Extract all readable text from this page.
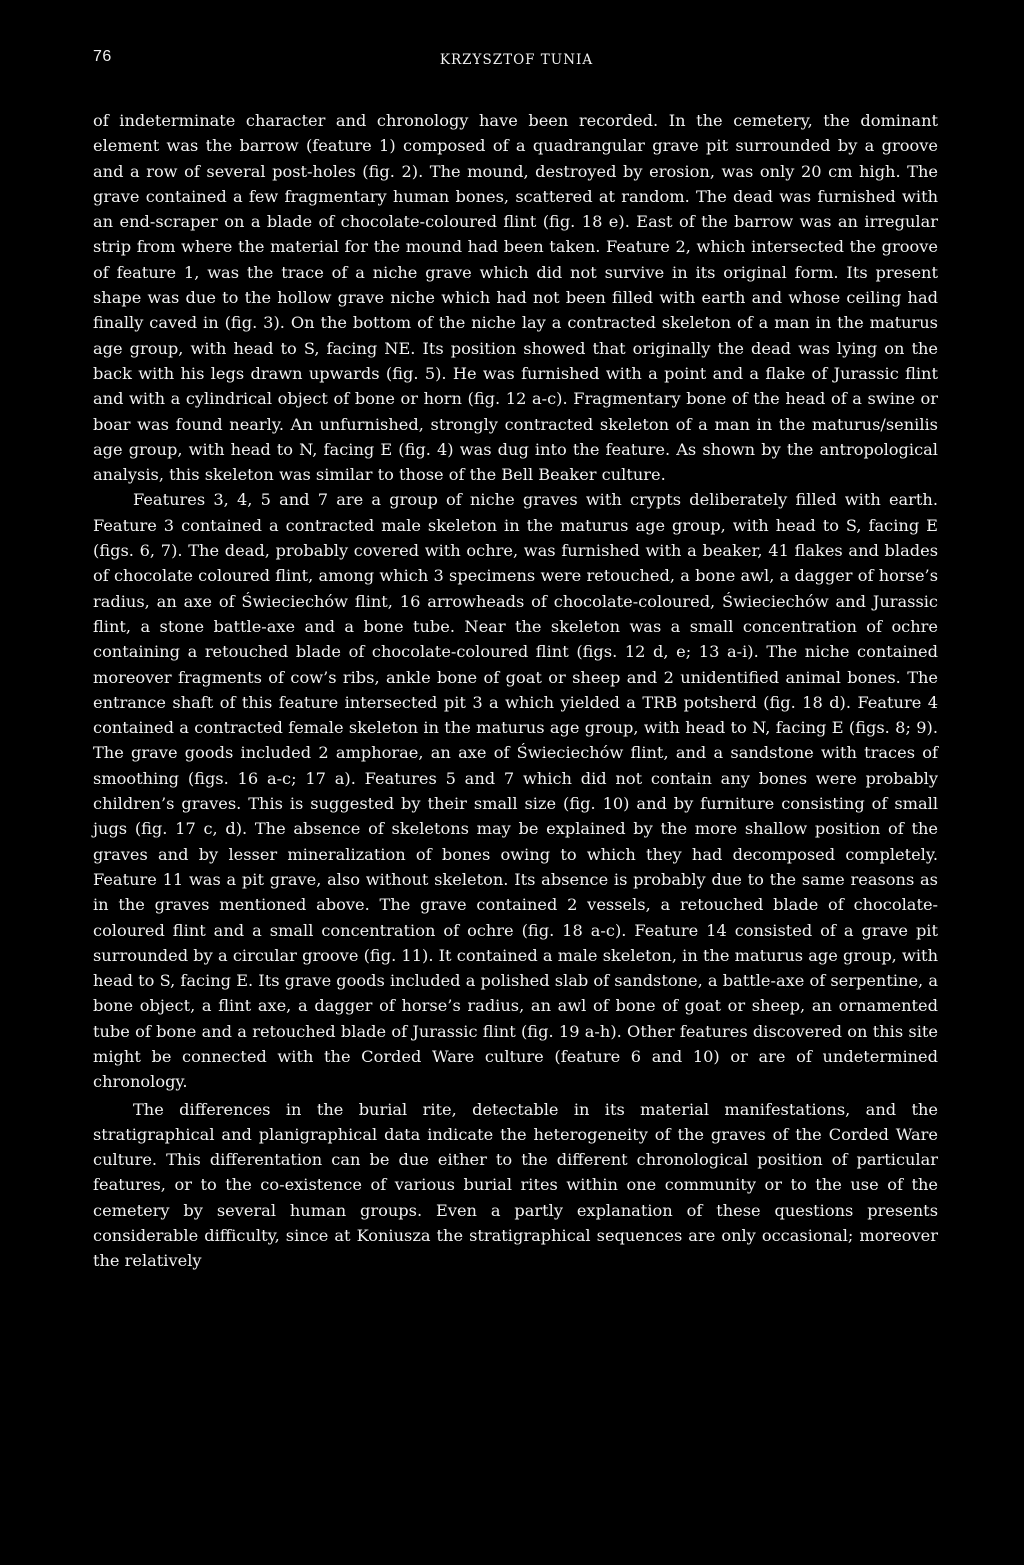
76	KRZYSZTOF TUNIA

of indeterminate character and chronology have been recorded. In the cemetery, the dominant element was the barrow (feature 1) composed of a quadrangular grave pit surrounded by a groove and a row of several post-holes (fig. 2). The mound, destroyed by erosion, was only 20 cm high. The grave contained a few fragmentary human bones, scattered at random. The dead was furnished with an end-scraper on a blade of chocolate-coloured flint (fig. 18 e). East of the barrow was an irregular strip from where the material for the mound had been taken. Feature 2, which intersected the groove of feature 1, was the trace of a niche grave which did not survive in its original form. Its present shape was due to the hollow grave niche which had not been filled with earth and whose ceiling had finally caved in (fig. 3). On the bottom of the niche lay a contracted skeleton of a man in the maturus age group, with head to S, facing NE. Its position showed that originally the dead was lying on the back with his legs drawn upwards (fig. 5). He was furnished with a point and a flake of Jurassic flint and with a cylindrical object of bone or horn (fig. 12 a-c). Fragmentary bone of the head of a swine or boar was found nearly. An unfurnished, strongly contracted skeleton of a man in the maturus/senilis age group, with head to N, facing E (fig. 4) was dug into the feature. As shown by the antropological analysis, this skeleton was similar to those of the Bell Beaker culture.

Features 3, 4, 5 and 7 are a group of niche graves with crypts deliberately filled with earth. Feature 3 contained a contracted male skeleton in the maturus age group, with head to S, facing E (figs. 6, 7). The dead, probably covered with ochre, was furnished with a beaker, 41 flakes and blades of chocolate coloured flint, among which 3 specimens were retouched, a bone awl, a dagger of horse’s radius, an axe of Świeciechów flint, 16 arrowheads of chocolate-coloured, Świeciechów and Jurassic flint, a stone battle-axe and a bone tube. Near the skeleton was a small concentration of ochre containing a retouched blade of chocolate-coloured flint (figs. 12 d, e; 13 a-i). The niche contained moreover fragments of cow’s ribs, ankle bone of goat or sheep and 2 unidentified animal bones. The entrance shaft of this feature intersected pit 3 a which yielded a TRB potsherd (fig. 18 d). Feature 4 contained a contracted female skeleton in the maturus age group, with head to N, facing E (figs. 8; 9). The grave goods included 2 amphorae, an axe of Świeciechów flint, and a sandstone with traces of smoothing (figs. 16 a-c; 17 a). Features 5 and 7 which did not contain any bones were probably children’s graves. This is suggested by their small size (fig. 10) and by furniture consisting of small jugs (fig. 17 c, d). The absence of skeletons may be explained by the more shallow position of the graves and by lesser mineralization of bones owing to which they had decomposed completely. Feature 11 was a pit grave, also without skeleton. Its absence is probably due to the same reasons as in the graves mentioned above. The grave contained 2 vessels, a retouched blade of chocolate-coloured flint and a small concentration of ochre (fig. 18 a-c). Feature 14 consisted of a grave pit surrounded by a circular groove (fig. 11). It contained a male skeleton, in the maturus age group, with head to S, facing E. Its grave goods included a polished slab of sandstone, a battle-axe of serpentine, a bone object, a flint axe, a dagger of horse’s radius, an awl of bone of goat or sheep, an ornamented tube of bone and a retouched blade of Jurassic flint (fig. 19 a-h). Other features discovered on this site might be connected with the Corded Ware culture (feature 6 and 10) or are of undetermined chronology.

The differences in the burial rite, detectable in its material manifestations, and the stratigraphical and planigraphical data indicate the heterogeneity of the graves of the Corded Ware culture. This differentation can be due either to the different chronological position of particular features, or to the co-existence of various burial rites within one community or to the use of the cemetery by several human groups. Even a partly explanation of these questions presents considerable difficulty, since at Koniusza the stratigraphical sequences are only occasional; moreover the relatively
